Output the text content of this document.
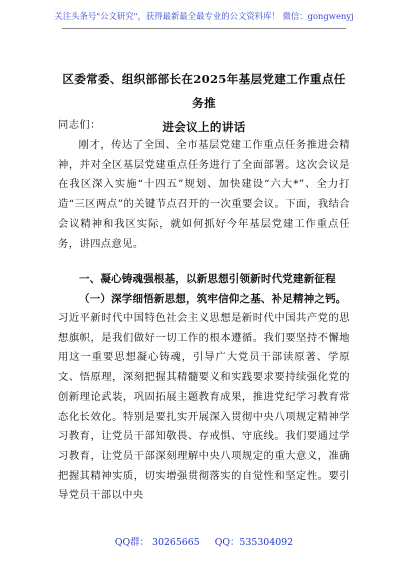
关注头条号"公文研究"，获得最新最全最专业的公文资料库！ 微信：gongwenyj
区委常委、组织部部长在2025年基层党建工作重点任务推
进会议上的讲话
同志们：
刚才，传达了全国、全市基层党建工作重点任务推进会精神，并对全区基层党建重点任务进行了全面部署。这次会议是在我区深入实施“十四五”规划、加快建设“六大*”、全力打造“三区两点”的关键节点召开的一次重要会议。下面，我结合会议精神和我区实际，就如何抓好今年基层党建工作重点任务，讲四点意见。
一、凝心铸魂强根基，以新思想引领新时代党建新征程
（一）深学细悟新思想，筑牢信仰之基、补足精神之钙。
习近平新时代中国特色社会主义思想是新时代中国共产党的思想旗帜，是我们做好一切工作的根本遵循。我们要坚持不懈地用这一重要思想凝心铸魂，引导广大党员干部读原著、学原文、悟原理，深刻把握其精髓要义和实践要求要持续强化党的创新理论武装，巩固拓展主题教育成果，推进党纪学习教育常态化长效化。特别是要扎实开展深入贯彻中央八项规定精神学习教育，让党员干部知敬畏、存戒惧、守底线。我们要通过学习教育，让党员干部深刻理解中央八项规定的重大意义，准确把握其精神实质，切实增强贯彻落实的自觉性和坚定性。要引导党员干部以中央
QQ群： 30265665 QQ：535304092
